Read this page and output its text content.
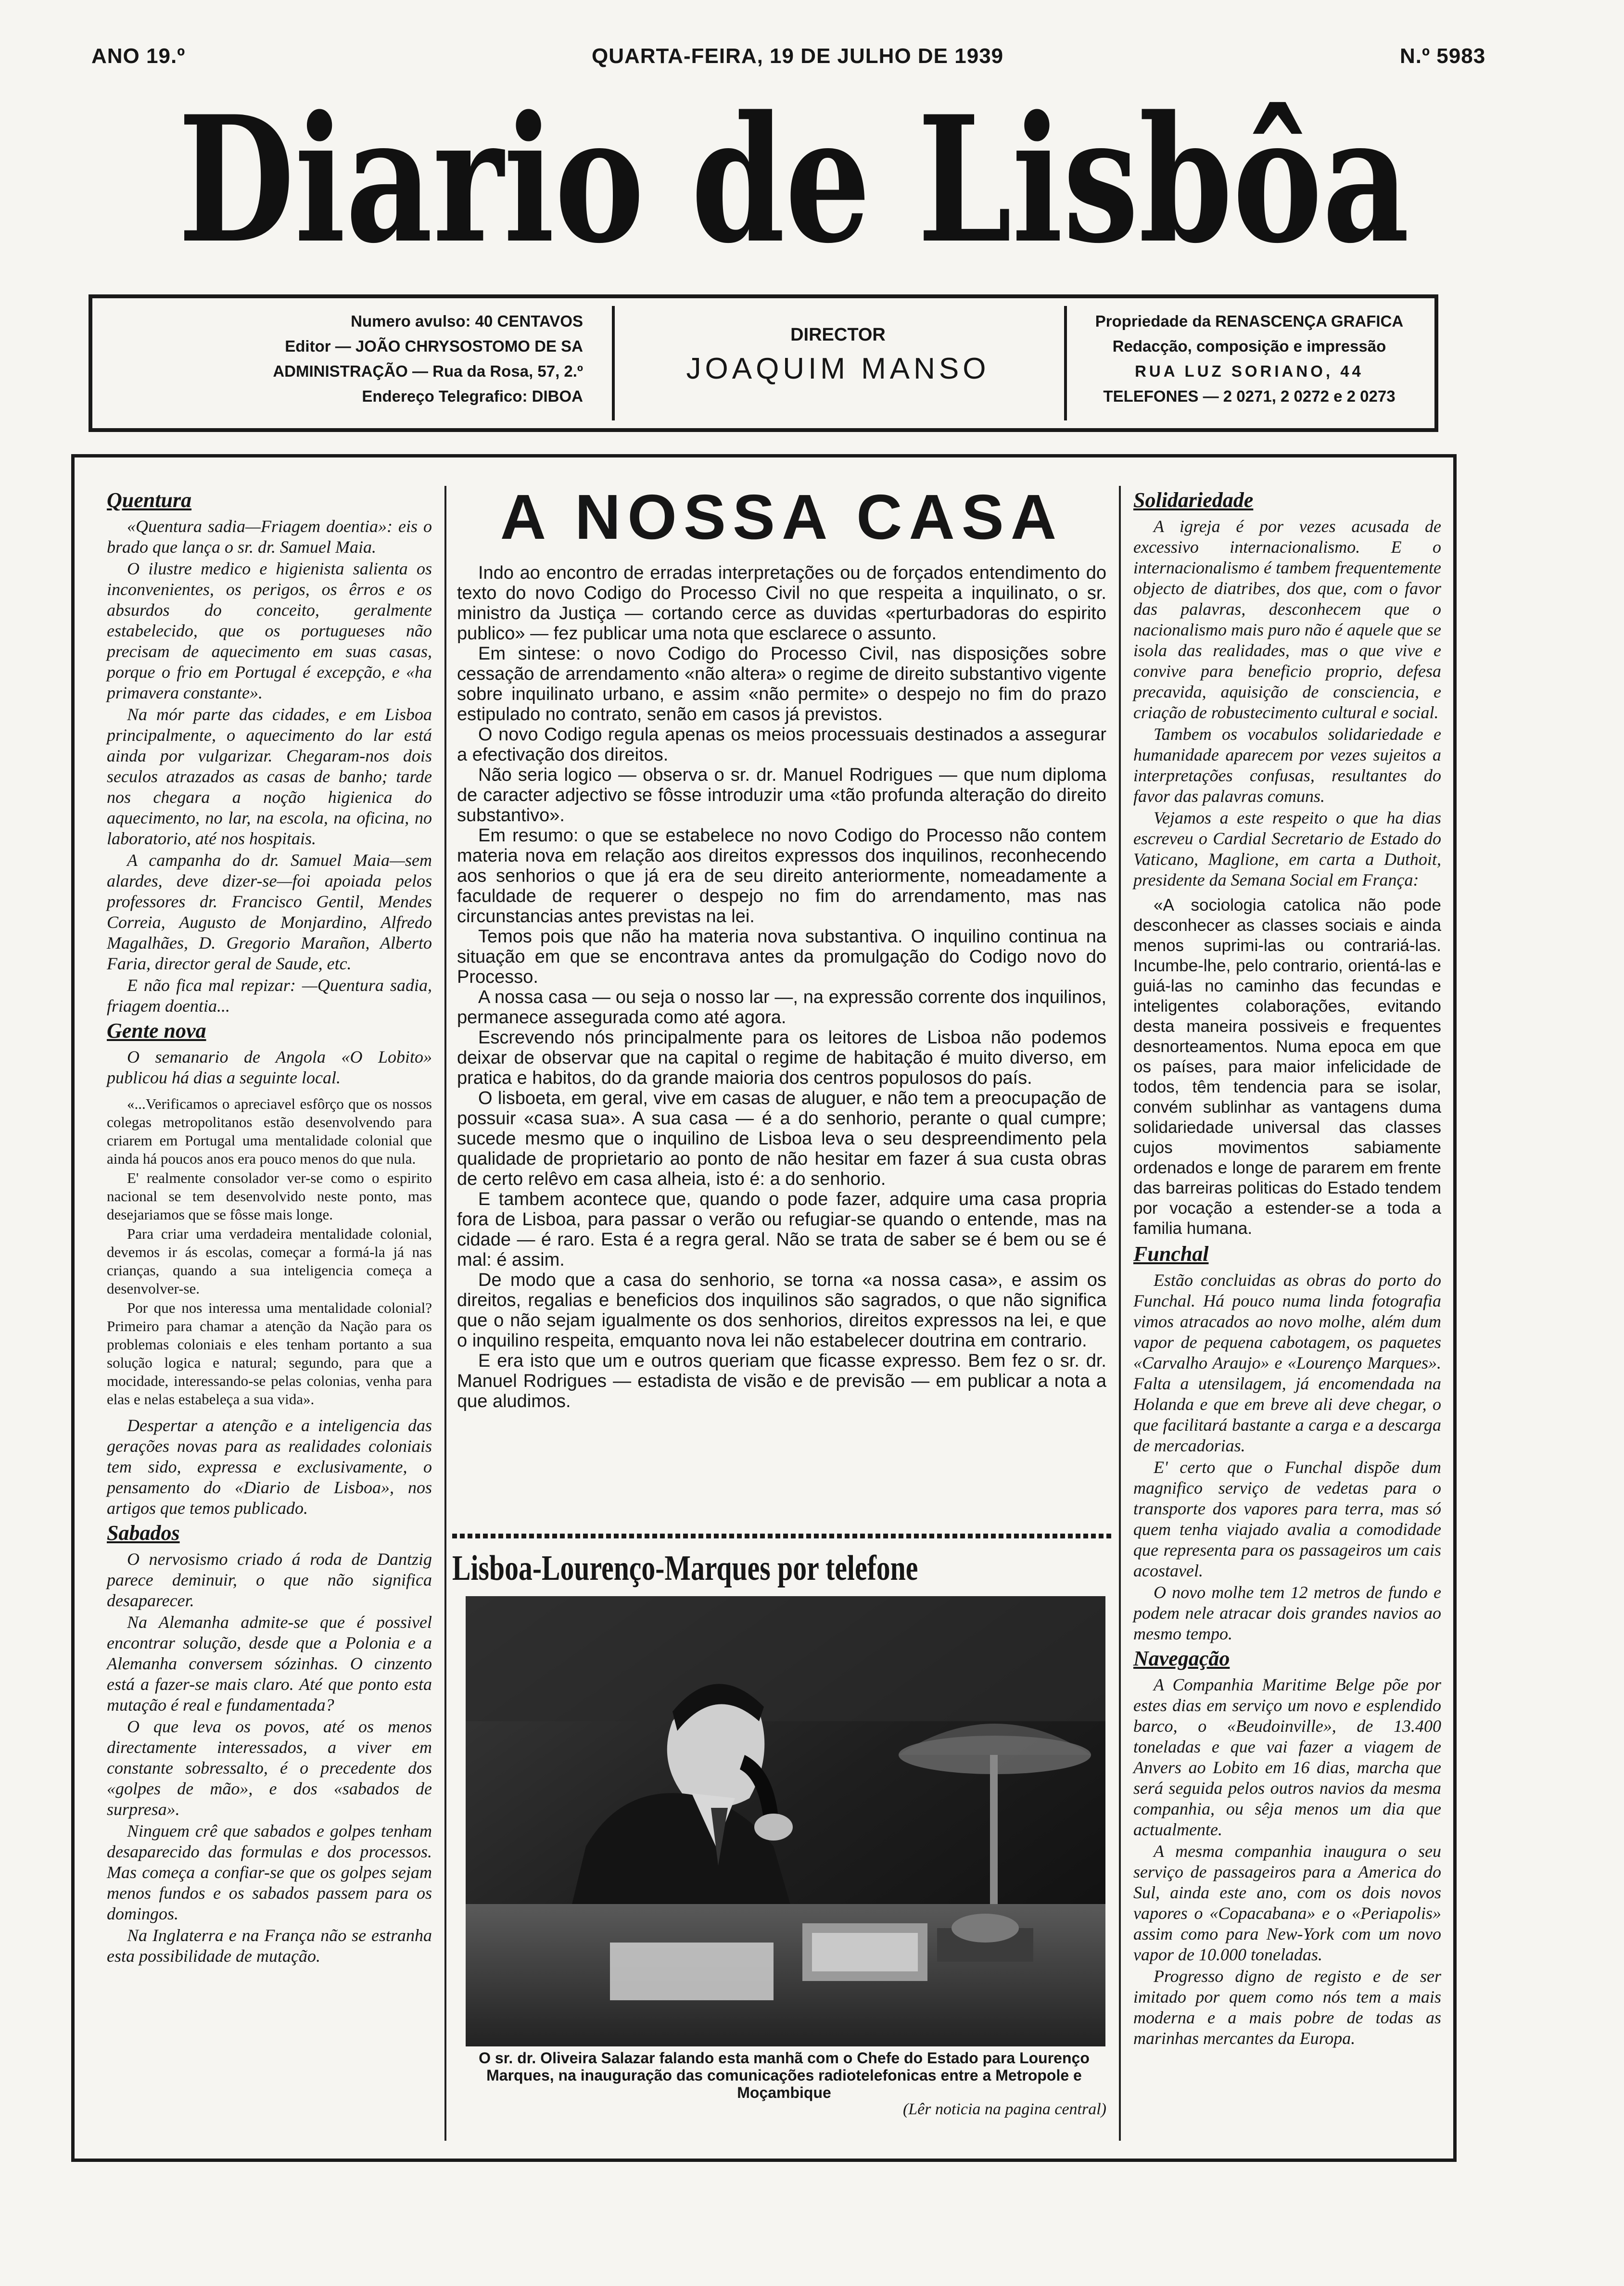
ANO 19.º	QUARTA-FEIRA, 19 DE JULHO DE 1939	N.º 5983
Diario de Lisbôa
Numero avulso: 40 CENTAVOS
Editor — JOÃO CHRYSOSTOMO DE SA
ADMINISTRAÇÃO — Rua da Rosa, 57, 2.º
Endereço Telegrafico: DIBOA
DIRECTOR
JOAQUIM MANSO
Propriedade da RENASCENÇA GRAFICA
Redacção, composição e impressão
RUA LUZ SORIANO, 44
TELEFONES — 2 0271, 2 0272 e 2 0273
Quentura

«Quentura sadia—Friagem doentia»: eis o brado que lança o sr. dr. Samuel Maia.

O ilustre medico e higienista salienta os inconvenientes, os perigos, os êrros e os absurdos do conceito, geralmente estabelecido, que os portugueses não precisam de aquecimento em suas casas, porque o frio em Portugal é excepção, e «ha primavera constante».

Na mór parte das cidades, e em Lisboa principalmente, o aquecimento do lar está ainda por vulgarizar. Chegaram-nos dois seculos atrazados as casas de banho; tarde nos chegara a noção higienica do aquecimento, no lar, na escola, na oficina, no laboratorio, até nos hospitais.

A campanha do dr. Samuel Maia—sem alardes, deve dizer-se—foi apoiada pelos professores dr. Francisco Gentil, Mendes Correia, Augusto de Monjardino, Alfredo Magalhães, D. Gregorio Marañon, Alberto Faria, director geral de Saude, etc.

E não fica mal repizar: —Quentura sadia, friagem doentia...

Gente nova

O semanario de Angola «O Lobito» publicou há dias a seguinte local.

«...Verificamos o apreciavel esfôrço que os nossos colegas metropolitanos estão desenvolvendo para criarem em Portugal uma mentalidade colonial que ainda há poucos anos era pouco menos do que nula.

E' realmente consolador ver-se como o espirito nacional se tem desenvolvido neste ponto, mas desejariamos que se fôsse mais longe.

Para criar uma verdadeira mentalidade colonial, devemos ir ás escolas, começar a formá-la já nas crianças, quando a sua inteligencia começa a desenvolver-se.

Por que nos interessa uma mentalidade colonial? Primeiro para chamar a atenção da Nação para os problemas coloniais e eles tenham portanto a sua solução logica e natural; segundo, para que a mocidade, interessando-se pelas colonias, venha para elas e nelas estabeleça a sua vida».

Despertar a atenção e a inteligencia das gerações novas para as realidades coloniais tem sido, expressa e exclusivamente, o pensamento do «Diario de Lisboa», nos artigos que temos publicado.

Sabados

O nervosismo criado á roda de Dantzig parece deminuir, o que não significa desaparecer.

Na Alemanha admite-se que é possivel encontrar solução, desde que a Polonia e a Alemanha conversem sózinhas. O cinzento está a fazer-se mais claro. Até que ponto esta mutação é real e fundamentada?

O que leva os povos, até os menos directamente interessados, a viver em constante sobressalto, é o precedente dos «golpes de mão», e dos «sabados de surpresa».

Ninguem crê que sabados e golpes tenham desaparecido das formulas e dos processos. Mas começa a confiar-se que os golpes sejam menos fundos e os sabados passem para os domingos.

Na Inglaterra e na França não se estranha esta possibilidade de mutação.

A NOSSA CASA

Indo ao encontro de erradas interpretações ou de forçados entendimento do texto do novo Codigo do Processo Civil no que respeita a inquilinato, o sr. ministro da Justiça — cortando cerce as duvidas «perturbadoras do espirito publico» — fez publicar uma nota que esclarece o assunto.

Em sintese: o novo Codigo do Processo Civil, nas disposições sobre cessação de arrendamento «não altera» o regime de direito substantivo vigente sobre inquilinato urbano, e assim «não permite» o despejo no fim do prazo estipulado no contrato, senão em casos já previstos.

O novo Codigo regula apenas os meios processuais destinados a assegurar a efectivação dos direitos.

Não seria logico — observa o sr. dr. Manuel Rodrigues — que num diploma de caracter adjectivo se fôsse introduzir uma «tão profunda alteração do direito substantivo».

Em resumo: o que se estabelece no novo Codigo do Processo não contem materia nova em relação aos direitos expressos dos inquilinos, reconhecendo aos senhorios o que já era de seu direito anteriormente, nomeadamente a faculdade de requerer o despejo no fim do arrendamento, mas nas circunstancias antes previstas na lei.

Temos pois que não ha materia nova substantiva. O inquilino continua na situação em que se encontrava antes da promulgação do Codigo novo do Processo.

A nossa casa — ou seja o nosso lar —, na expressão corrente dos inquilinos, permanece assegurada como até agora.

Escrevendo nós principalmente para os leitores de Lisboa não podemos deixar de observar que na capital o regime de habitação é muito diverso, em pratica e habitos, do da grande maioria dos centros populosos do país.

O lisboeta, em geral, vive em casas de aluguer, e não tem a preocupação de possuir «casa sua». A sua casa — é a do senhorio, perante o qual cumpre; sucede mesmo que o inquilino de Lisboa leva o seu despreendimento pela qualidade de proprietario ao ponto de não hesitar em fazer á sua custa obras de certo relêvo em casa alheia, isto é: a do senhorio.

E tambem acontece que, quando o pode fazer, adquire uma casa propria fora de Lisboa, para passar o verão ou refugiar-se quando o entende, mas na cidade — é raro. Esta é a regra geral. Não se trata de saber se é bem ou se é mal: é assim.

De modo que a casa do senhorio, se torna «a nossa casa», e assim os direitos, regalias e beneficios dos inquilinos são sagrados, o que não significa que o não sejam igualmente os dos senhorios, direitos expressos na lei, e que o inquilino respeita, emquanto nova lei não estabelecer doutrina em contrario.

E era isto que um e outros queriam que ficasse expresso. Bem fez o sr. dr. Manuel Rodrigues — estadista de visão e de previsão — em publicar a nota a que aludimos.

Lisboa-Lourenço-Marques por telefone
O sr. dr. Oliveira Salazar falando esta manhã com o Chefe do Estado para Lourenço Marques, na inauguração das comunicações radiotelefonicas entre a Metropole e Moçambique
(Lêr noticia na pagina central)
Solidariedade

A igreja é por vezes acusada de excessivo internacionalismo. E o internacionalismo é tambem frequentemente objecto de diatribes, dos que, com o favor das palavras, desconhecem que o nacionalismo mais puro não é aquele que se isola das realidades, mas o que vive e convive para beneficio proprio, defesa precavida, aquisição de consciencia, e criação de robustecimento cultural e social.

Tambem os vocabulos solidariedade e humanidade aparecem por vezes sujeitos a interpretações confusas, resultantes do favor das palavras comuns.

Vejamos a este respeito o que ha dias escreveu o Cardial Secretario de Estado do Vaticano, Maglione, em carta a Duthoit, presidente da Semana Social em França:

«A sociologia catolica não pode desconhecer as classes sociais e ainda menos suprimi-las ou contrariá-las. Incumbe-lhe, pelo contrario, orientá-las e guiá-las no caminho das fecundas e inteligentes colaborações, evitando desta maneira possiveis e frequentes desnorteamentos. Numa epoca em que os países, para maior infelicidade de todos, têm tendencia para se isolar, convém sublinhar as vantagens duma solidariedade universal das classes cujos movimentos sabiamente ordenados e longe de pararem em frente das barreiras politicas do Estado tendem por vocação a estender-se a toda a familia humana.

Funchal

Estão concluidas as obras do porto do Funchal. Há pouco numa linda fotografia vimos atracados ao novo molhe, além dum vapor de pequena cabotagem, os paquetes «Carvalho Araujo» e «Lourenço Marques». Falta a utensilagem, já encomendada na Holanda e que em breve ali deve chegar, o que facilitará bastante a carga e a descarga de mercadorias.

E' certo que o Funchal dispõe dum magnifico serviço de vedetas para o transporte dos vapores para terra, mas só quem tenha viajado avalia a comodidade que representa para os passageiros um cais acostavel.

O novo molhe tem 12 metros de fundo e podem nele atracar dois grandes navios ao mesmo tempo.

Navegação

A Companhia Maritime Belge põe por estes dias em serviço um novo e esplendido barco, o «Beudoinville», de 13.400 toneladas e que vai fazer a viagem de Anvers ao Lobito em 16 dias, marcha que será seguida pelos outros navios da mesma companhia, ou sêja menos um dia que actualmente.

A mesma companhia inaugura o seu serviço de passageiros para a America do Sul, ainda este ano, com os dois novos vapores o «Copacabana» e o «Periapolis» assim como para New-York com um novo vapor de 10.000 toneladas.

Progresso digno de registo e de ser imitado por quem como nós tem a mais moderna e a mais pobre de todas as marinhas mercantes da Europa.
